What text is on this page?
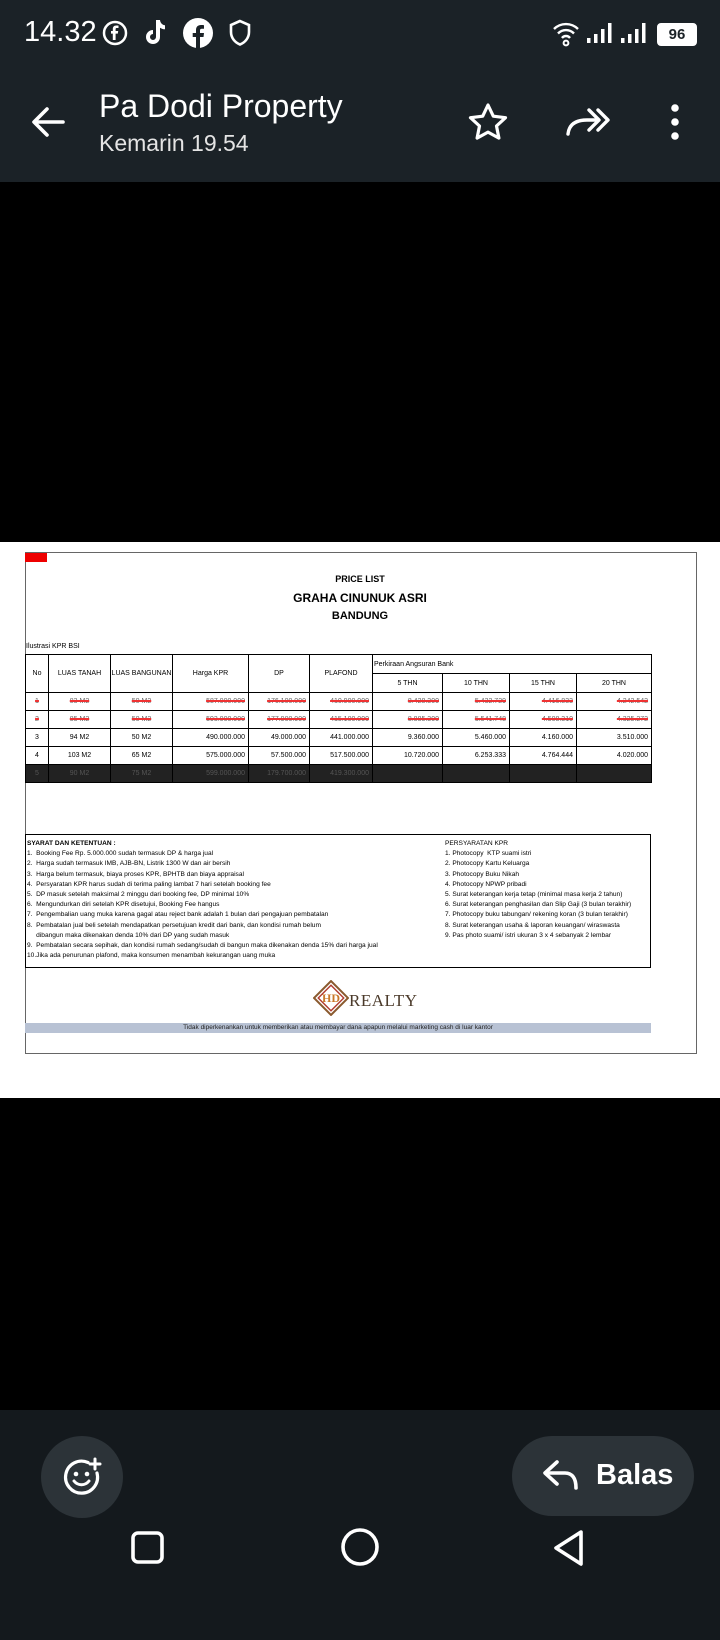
14.32	96
Pa Dodi Property
Kemarin 19.54
PRICE LIST
GRAHA CINUNUK ASRI
BANDUNG
Ilustrasi KPR BSI
No	LUAS TANAH	LUAS BANGUNAN	Harga KPR	DP	PLAFOND	Perkiraan Angsuran Bank			
						5 THN	10 THN	15 THN	20 THN
1	83 M2	50 M2	587.000.000	176.100.000	410.900.000	8.428.300	5.432.729	4.416.833	4.242.542
2	85 M2	50 M2	593.000.000	177.900.000	415.100.000	8.885.300	5.541.748	4.508.310	4.325.272
3	94 M2	50 M2	490.000.000	49.000.000	441.000.000	9.360.000	5.460.000	4.160.000	3.510.000
4	103 M2	65 M2	575.000.000	57.500.000	517.500.000	10.720.000	6.253.333	4.764.444	4.020.000
5	90 M2	75 M2	599.000.000	179.700.000	419.300.000				
SYARAT DAN KETENTUAN :
1.  Booking Fee Rp. 5.000.000 sudah termasuk DP & harga jual
2.  Harga sudah termasuk IMB, AJB-BN, Listrik 1300 W dan air bersih
3.  Harga belum termasuk, biaya proses KPR, BPHTB dan biaya appraisal
4.  Persyaratan KPR harus sudah di terima paling lambat 7 hari setelah booking fee
5.  DP masuk setelah maksimal 2 minggu dari booking fee, DP minimal 10%
6.  Mengundurkan diri setelah KPR disetujui, Booking Fee hangus
7.  Pengembalian uang muka karena gagal atau reject bank adalah 1 bulan dari pengajuan pembatalan
8.  Pembatalan jual beli setelah mendapatkan persetujuan kredit dari bank, dan kondisi rumah belum
dibangun maka dikenakan denda 10% dari DP yang sudah masuk
9.  Pembatalan secara sepihak, dan kondisi rumah sedang/sudah di bangun maka dikenakan denda 15% dari harga jual
10.Jika ada penurunan plafond, maka konsumen menambah kekurangan uang muka
PERSYARATAN KPR
1. Photocopy  KTP suami istri
2. Photocopy Kartu Keluarga
3. Photocopy Buku Nikah
4. Photocopy NPWP pribadi
5. Surat keterangan kerja tetap (minimal masa kerja 2 tahun)
6. Surat keterangan penghasilan dan Slip Gaji (3 bulan terakhir)
7. Photocopy buku tabungan/ rekening koran (3 bulan terakhir)
8. Surat keterangan usaha & laporan keuangan/ wiraswasta
9. Pas photo suami/ istri ukuran 3 x 4 sebanyak 2 lembar
HD REALTY
Tidak diperkenankan untuk memberikan atau membayar dana apapun melalui marketing cash di luar kantor
Balas
